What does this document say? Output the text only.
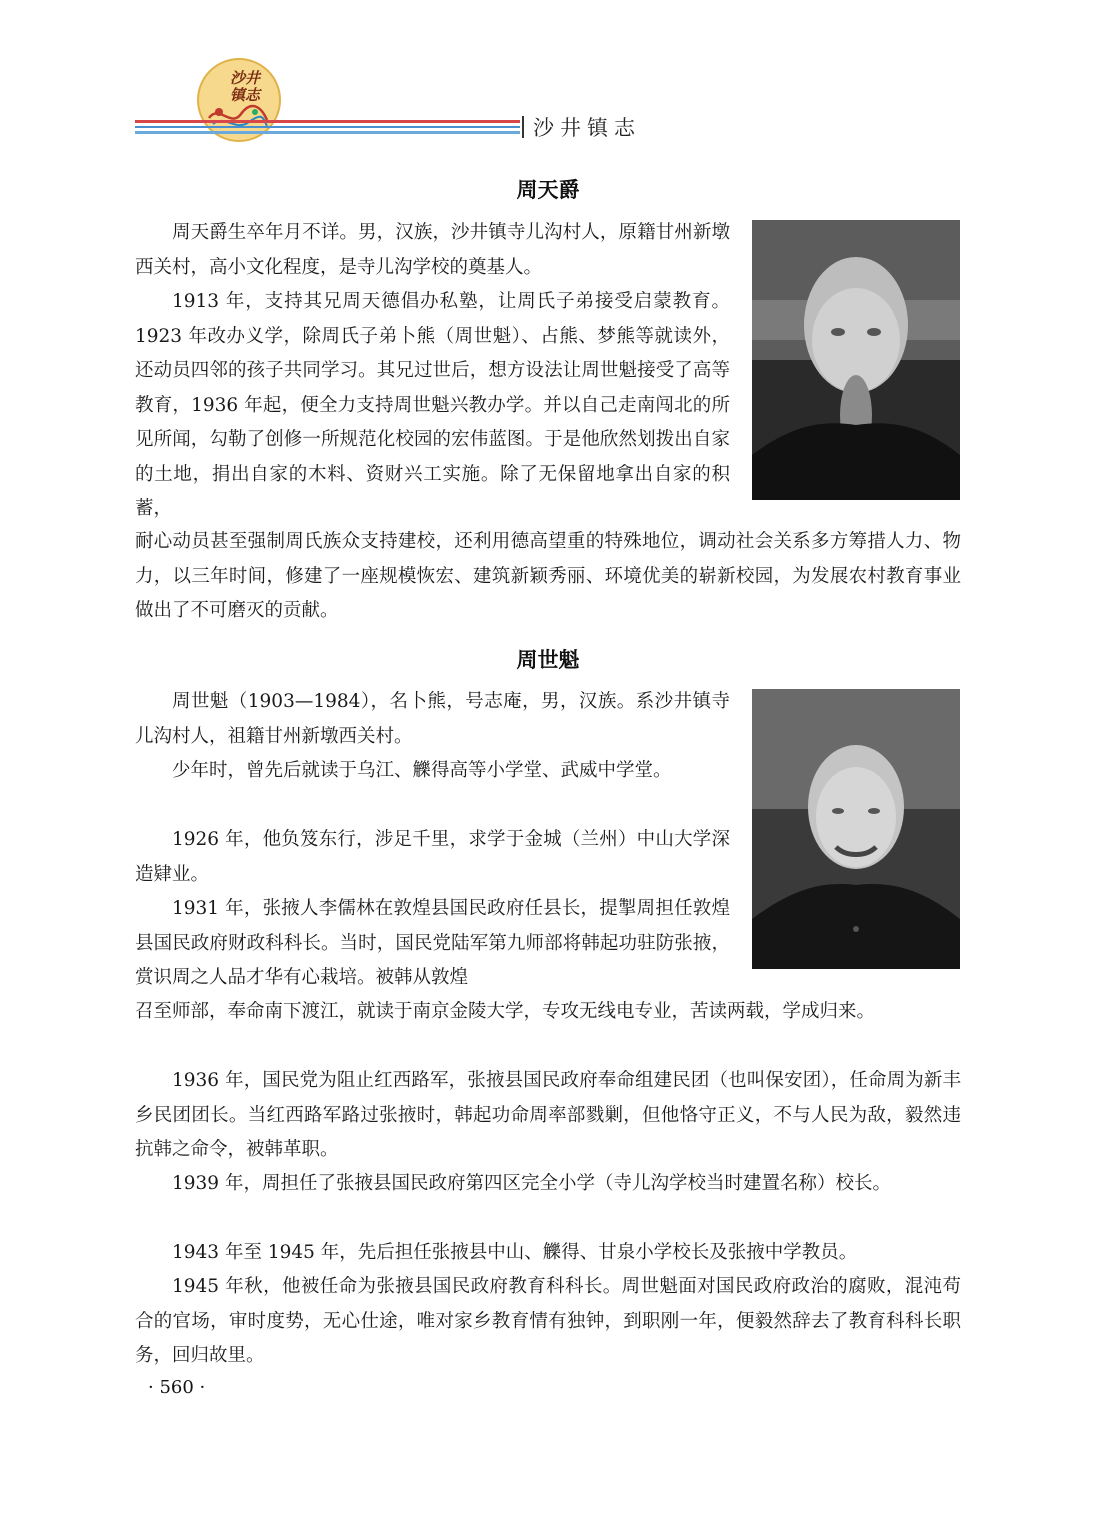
沙井
镇志
沙井镇志
周天爵

周天爵生卒年月不详。男，汉族，沙井镇寺儿沟村人，原籍甘州新墩西关村，高小文化程度，是寺儿沟学校的奠基人。

1913 年，支持其兄周天德倡办私塾，让周氏子弟接受启蒙教育。1923 年改办义学，除周氏子弟卜熊（周世魁）、占熊、梦熊等就读外，还动员四邻的孩子共同学习。其兄过世后，想方设法让周世魁接受了高等教育，1936 年起，便全力支持周世魁兴教办学。并以自己走南闯北的所见所闻，勾勒了创修一所规范化校园的宏伟蓝图。于是他欣然划拨出自家的土地，捐出自家的木料、资财兴工实施。除了无保留地拿出自家的积蓄，

耐心动员甚至强制周氏族众支持建校，还利用德高望重的特殊地位，调动社会关系多方筹措人力、物力，以三年时间，修建了一座规模恢宏、建筑新颖秀丽、环境优美的崭新校园，为发展农村教育事业做出了不可磨灭的贡献。

周世魁

周世魁（1903—1984），名卜熊，号志庵，男，汉族。系沙井镇寺儿沟村人，祖籍甘州新墩西关村。

少年时，曾先后就读于乌江、觻得高等小学堂、武威中学堂。

1926 年，他负笈东行，涉足千里，求学于金城（兰州）中山大学深造肄业。

1931 年，张掖人李儒林在敦煌县国民政府任县长，提掣周担任敦煌县国民政府财政科科长。当时，国民党陆军第九师部将韩起功驻防张掖，赏识周之人品才华有心栽培。被韩从敦煌

召至师部，奉命南下渡江，就读于南京金陵大学，专攻无线电专业，苦读两载，学成归来。

1936 年，国民党为阻止红西路军，张掖县国民政府奉命组建民团（也叫保安团），任命周为新丰乡民团团长。当红西路军路过张掖时，韩起功命周率部戮剿，但他恪守正义，不与人民为敌，毅然违抗韩之命令，被韩革职。

1939 年，周担任了张掖县国民政府第四区完全小学（寺儿沟学校当时建置名称）校长。

1943 年至 1945 年，先后担任张掖县中山、觻得、甘泉小学校长及张掖中学教员。

1945 年秋，他被任命为张掖县国民政府教育科科长。周世魁面对国民政府政治的腐败，混沌苟合的官场，审时度势，无心仕途，唯对家乡教育情有独钟，到职刚一年，便毅然辞去了教育科科长职务，回归故里。

· 560 ·
